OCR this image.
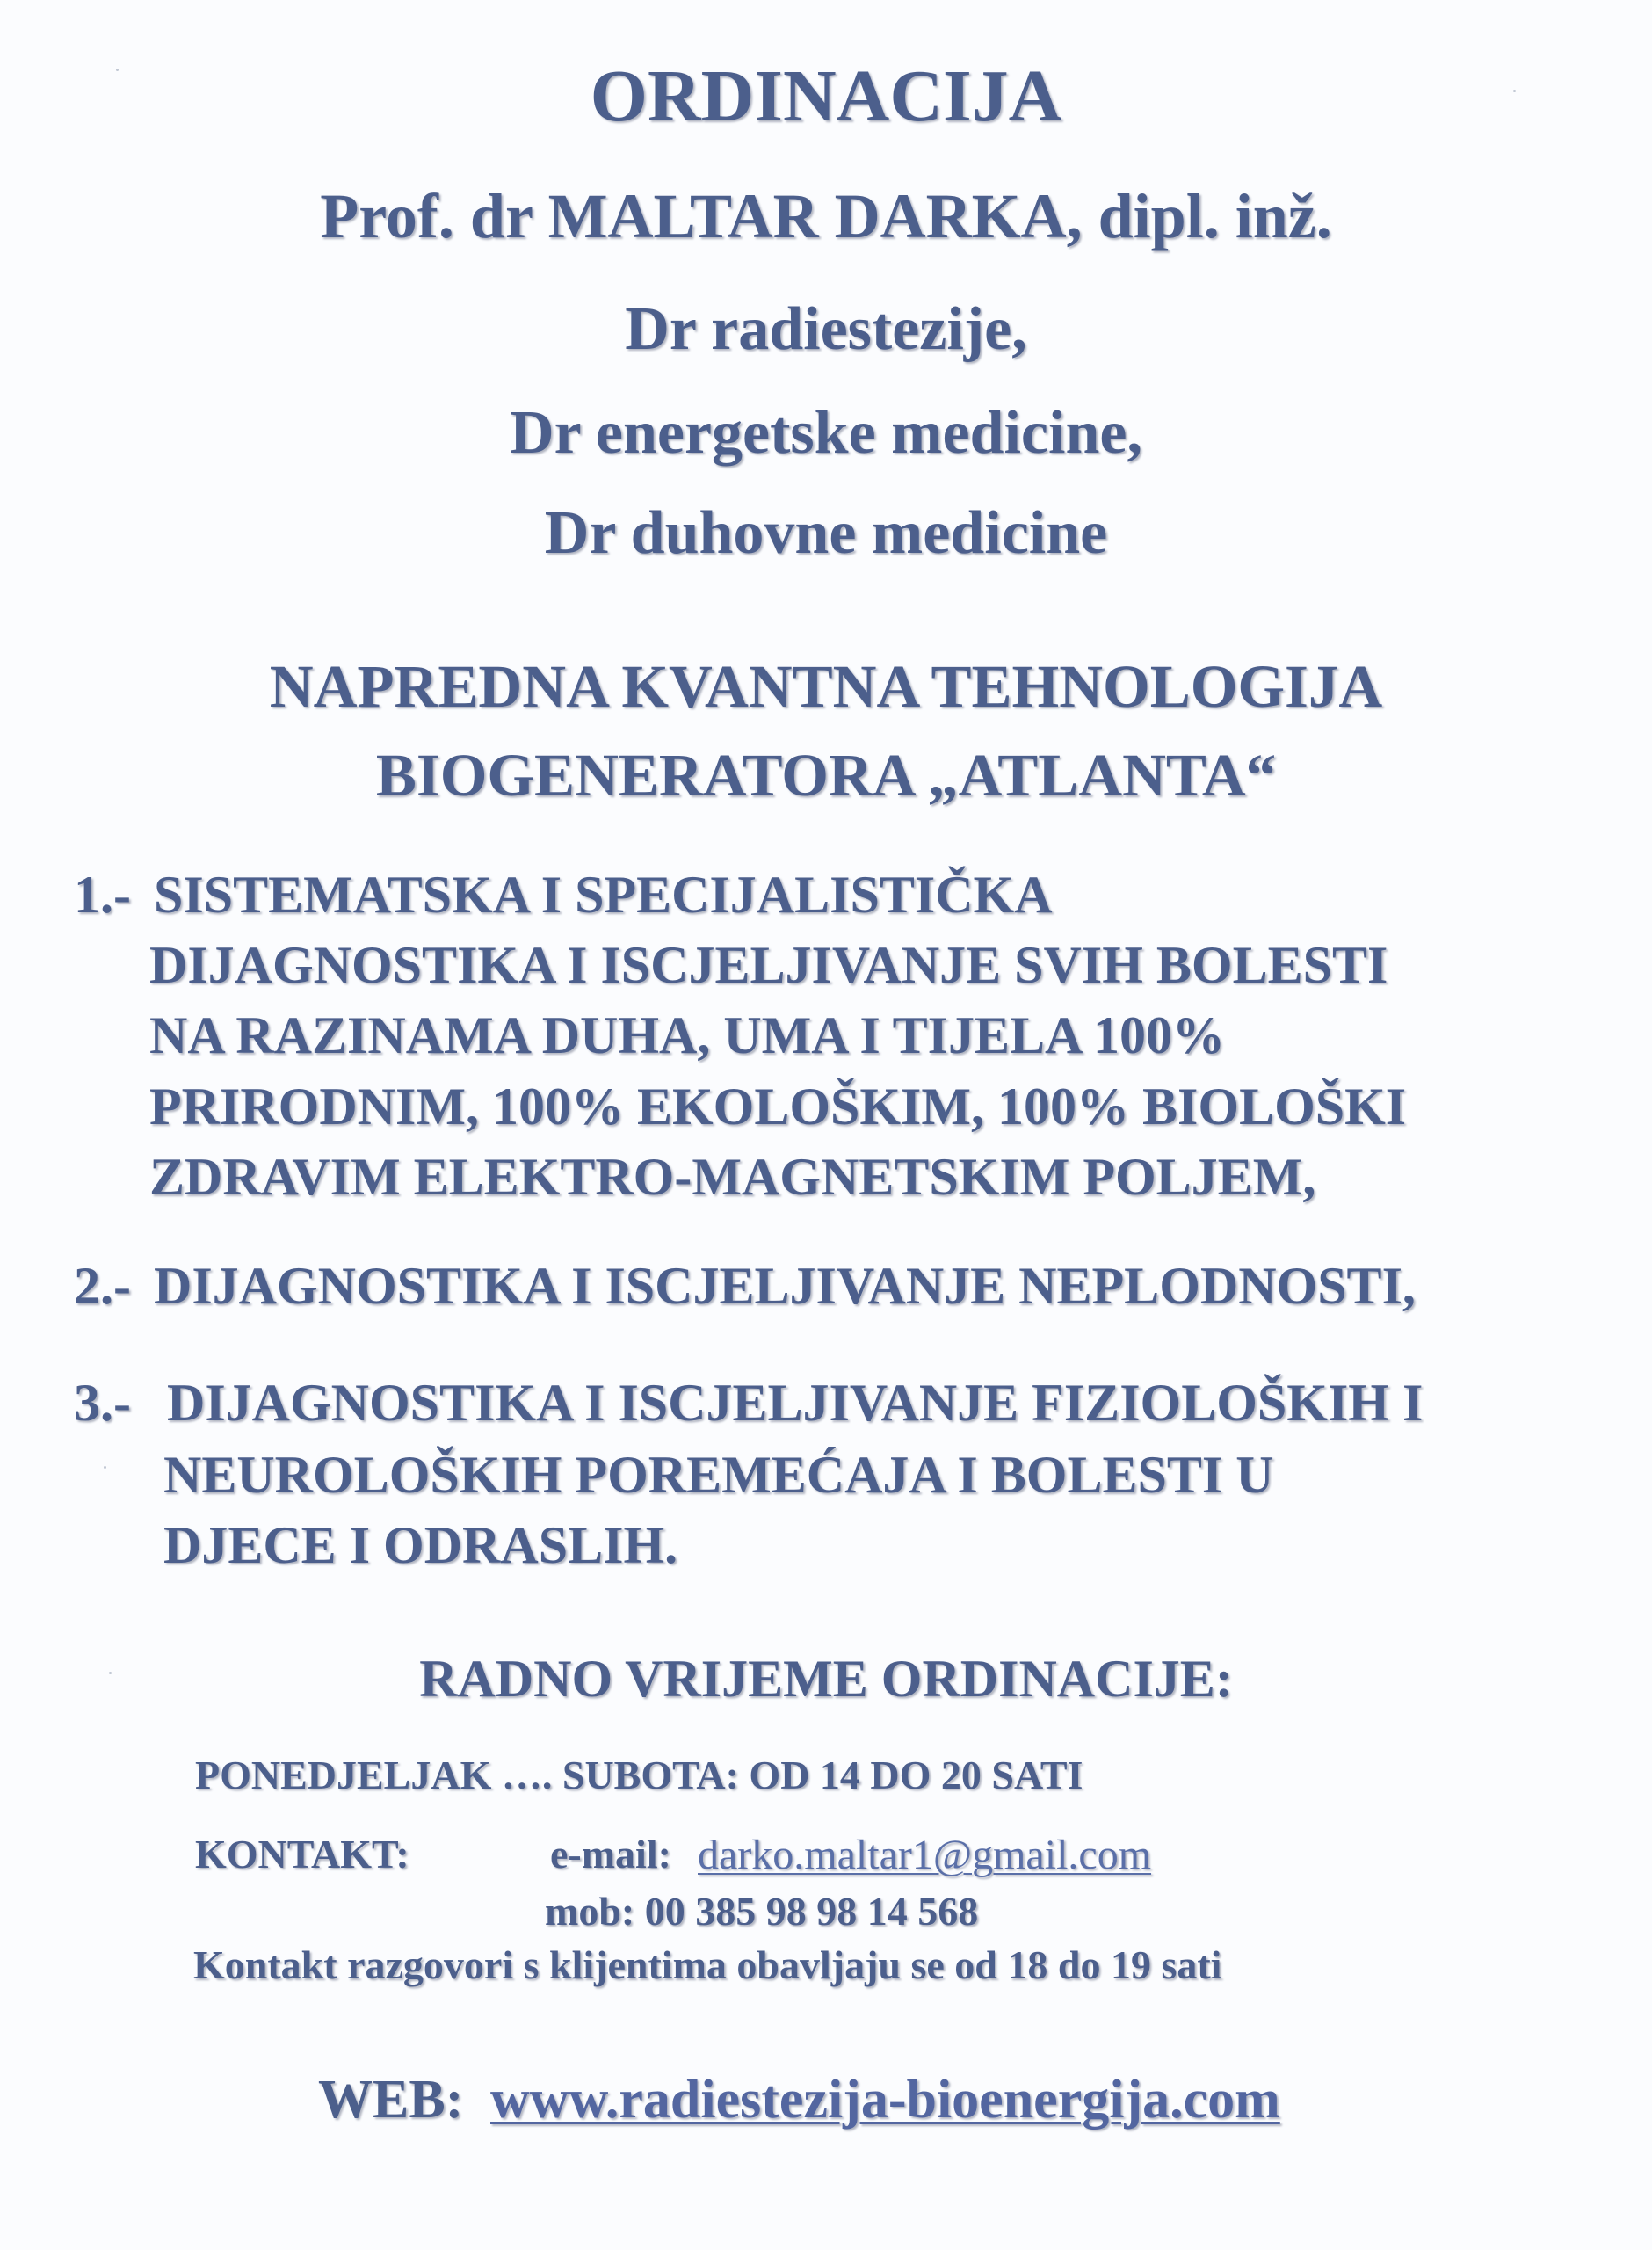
ORDINACIJA
Prof. dr MALTAR DARKA, dipl. inž.
Dr radiestezije,
Dr energetske medicine,
Dr duhovne medicine
NAPREDNA KVANTNA TEHNOLOGIJA
BIOGENERATORA „ATLANTA“
1.- SISTEMATSKA I SPECIJALISTIČKA
DIJAGNOSTIKA I ISCJELJIVANJE SVIH BOLESTI
NA RAZINAMA DUHA, UMA I TIJELA 100%
PRIRODNIM, 100% EKOLOŠKIM, 100% BIOLOŠKI
ZDRAVIM ELEKTRO-MAGNETSKIM POLJEM,
2.- DIJAGNOSTIKA I ISCJELJIVANJE NEPLODNOSTI,
3.- DIJAGNOSTIKA I ISCJELJIVANJE FIZIOLOŠKIH I
NEUROLOŠKIH POREMEĆAJA I BOLESTI U
DJECE I ODRASLIH.
RADNO VRIJEME ORDINACIJE:
PONEDJELJAK …. SUBOTA: OD 14 DO 20 SATI
KONTAKT:	e-mail: darko.maltar1@gmail.com
mob: 00 385 98 98 14 568
Kontakt razgovori s klijentima obavljaju se od 18 do 19 sati
WEB: www.radiestezija-bioenergija.com
